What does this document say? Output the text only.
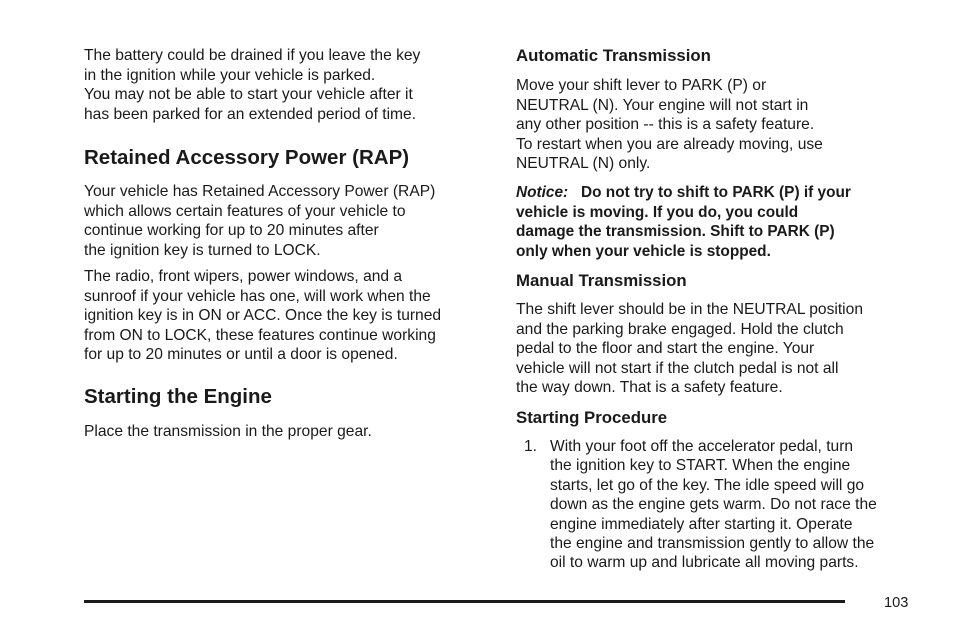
The battery could be drained if you leave the key
in the ignition while your vehicle is parked.
You may not be able to start your vehicle after it
has been parked for an extended period of time.

Retained Accessory Power (RAP)

Your vehicle has Retained Accessory Power (RAP)
which allows certain features of your vehicle to
continue working for up to 20 minutes after
the ignition key is turned to LOCK.

The radio, front wipers, power windows, and a
sunroof if your vehicle has one, will work when the
ignition key is in ON or ACC. Once the key is turned
from ON to LOCK, these features continue working
for up to 20 minutes or until a door is opened.

Starting the Engine

Place the transmission in the proper gear.

Automatic Transmission

Move your shift lever to PARK (P) or
NEUTRAL (N). Your engine will not start in
any other position -- this is a safety feature.
To restart when you are already moving, use
NEUTRAL (N) only.

Notice: Do not try to shift to PARK (P) if your
vehicle is moving. If you do, you could
damage the transmission. Shift to PARK (P)
only when your vehicle is stopped.

Manual Transmission

The shift lever should be in the NEUTRAL position
and the parking brake engaged. Hold the clutch
pedal to the floor and start the engine. Your
vehicle will not start if the clutch pedal is not all
the way down. That is a safety feature.

Starting Procedure
1. With your foot off the accelerator pedal, turn
the ignition key to START. When the engine
starts, let go of the key. The idle speed will go
down as the engine gets warm. Do not race the
engine immediately after starting it. Operate
the engine and transmission gently to allow the
oil to warm up and lubricate all moving parts.
103
